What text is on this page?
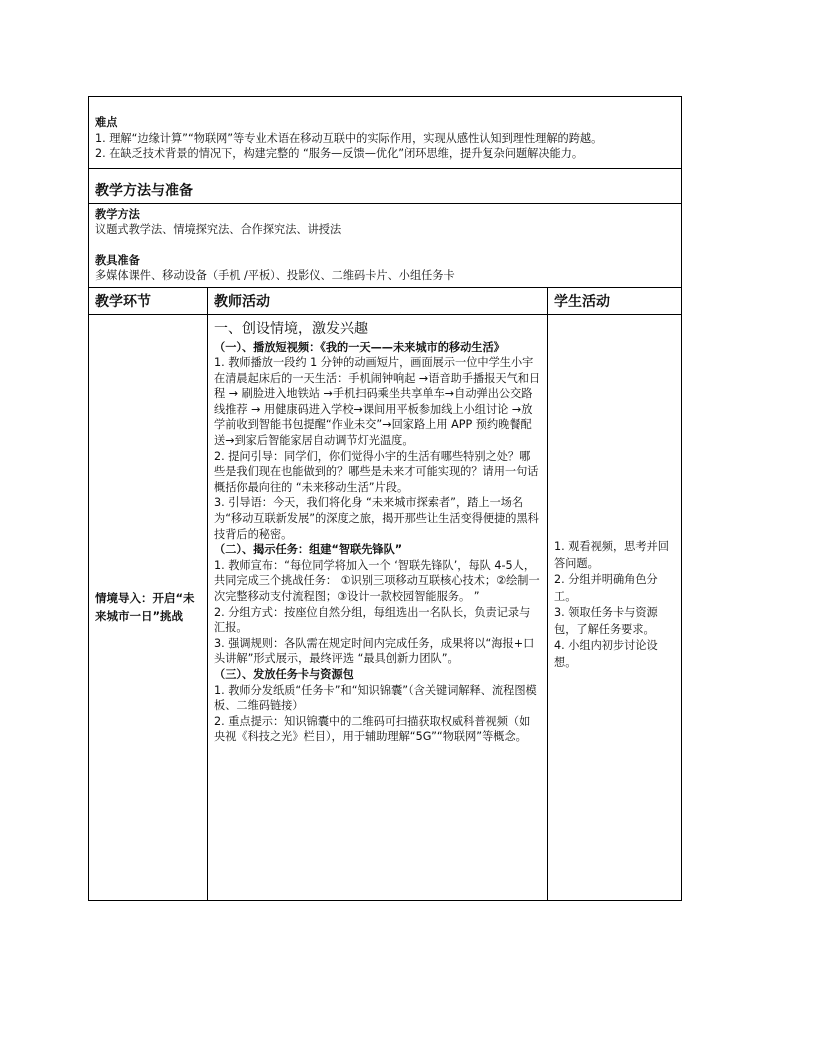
难点

1. 理解“边缘计算”“物联网”等专业术语在移动互联中的实际作用，实现从感性认知到理性理解的跨越。

2. 在缺乏技术背景的情况下，构建完整的 “服务—反馈—优化”闭环思维，提升复杂问题解决能力。

教学方法与准备

教学方法

议题式教学法、情境探究法、合作探究法、讲授法

教具准备

多媒体课件、移动设备（手机 /平板）、投影仪、二维码卡片、小组任务卡

教学环节	教师活动	学生活动
情境导入：开启“未来城市一日”挑战

一、创设情境，激发兴趣

（一）、播放短视频：《我的一天——未来城市的移动生活》

1. 教师播放一段约 1 分钟的动画短片，画面展示一位中学生小宇在清晨起床后的一天生活：手机闹钟响起 →语音助手播报天气和日程 → 刷脸进入地铁站 →手机扫码乘坐共享单车→自动弹出公交路线推荐 → 用健康码进入学校→课间用平板参加线上小组讨论 →放学前收到智能书包提醒“作业未交”→回家路上用 APP 预约晚餐配送→到家后智能家居自动调节灯光温度。

2. 提问引导：同学们，你们觉得小宇的生活有哪些特别之处？哪些是我们现在也能做到的？哪些是未来才可能实现的？请用一句话概括你最向往的 “未来移动生活”片段。

3. 引导语：今天，我们将化身 “未来城市探索者”，踏上一场名为“移动互联新发展”的深度之旅，揭开那些让生活变得便捷的黑科技背后的秘密。

（二）、揭示任务：组建“智联先锋队”

1. 教师宣布：“每位同学将加入一个 ‘智联先锋队’，每队 4-5人，共同完成三个挑战任务： ①识别三项移动互联核心技术；②绘制一次完整移动支付流程图；③设计一款校园智能服务。 ”

2. 分组方式：按座位自然分组，每组选出一名队长，负责记录与汇报。

3. 强调规则：各队需在规定时间内完成任务，成果将以“海报+口头讲解”形式展示，最终评选 “最具创新力团队”。

（三）、发放任务卡与资源包

1. 教师分发纸质“任务卡”和“知识锦囊”（含关键词解释、流程图模板、二维码链接）

2. 重点提示：知识锦囊中的二维码可扫描获取权威科普视频（如央视《科技之光》栏目），用于辅助理解“5G”“物联网”等概念。

1. 观看视频，思考并回答问题。

2. 分组并明确角色分工。

3. 领取任务卡与资源包，了解任务要求。

4. 小组内初步讨论设想。
